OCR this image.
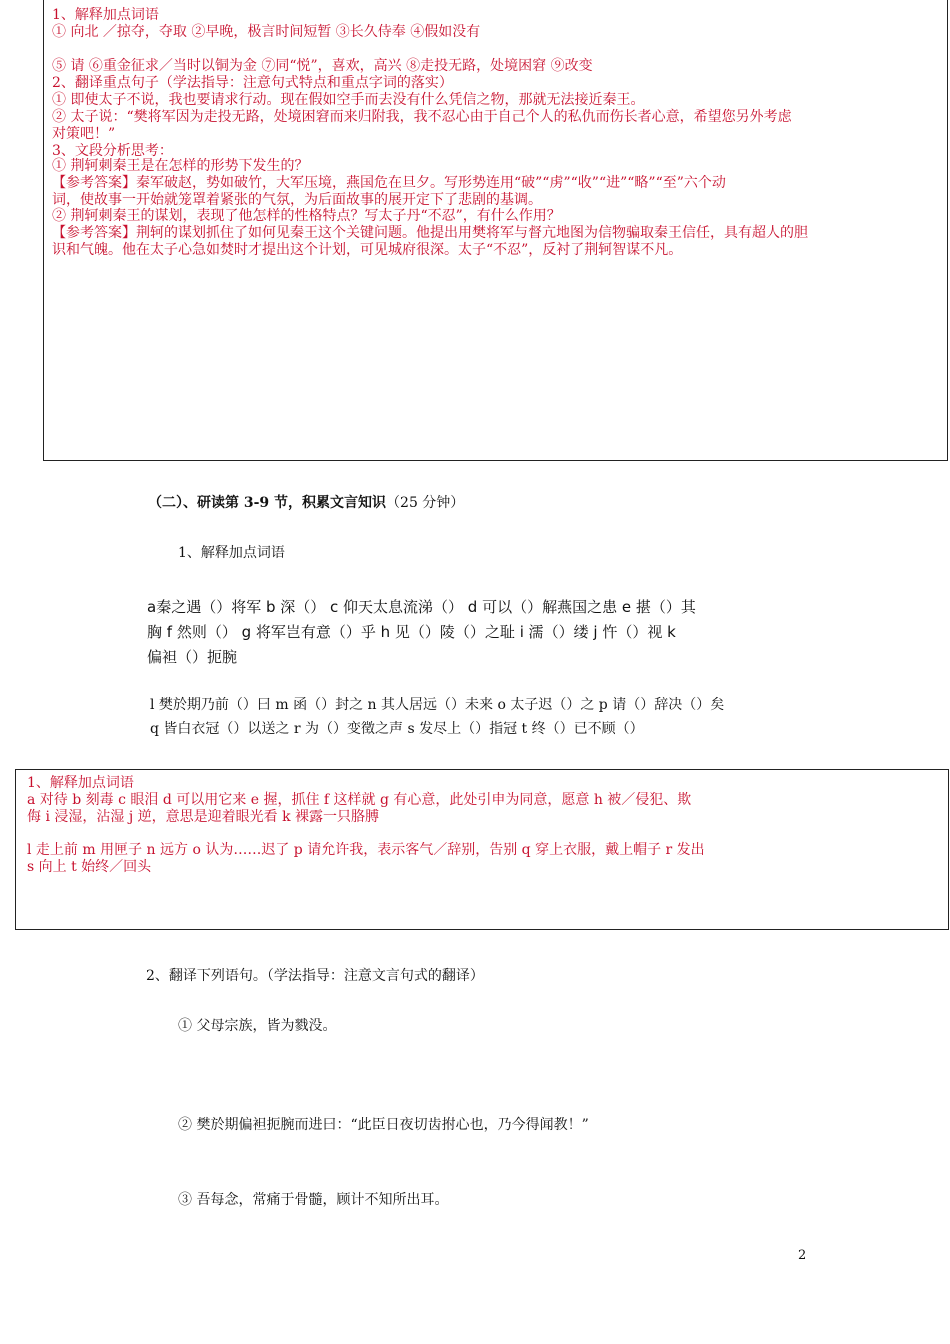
1、解释加点词语
① 向北 ／掠夺，夺取 ②早晚，极言时间短暂 ③长久侍奉 ④假如没有
⑤ 请 ⑥重金征求／当时以铜为金 ⑦同“悦”，喜欢，高兴 ⑧走投无路，处境困窘 ⑨改变
2、翻译重点句子（学法指导：注意句式特点和重点字词的落实）
① 即使太子不说，我也要请求行动。现在假如空手而去没有什么凭信之物，那就无法接近秦王。
② 太子说：“樊将军因为走投无路，处境困窘而来归附我，我不忍心由于自己个人的私仇而伤长者心意，希望您另外考虑
对策吧！”
3、文段分析思考：
① 荆轲刺秦王是在怎样的形势下发生的？
【参考答案】秦军破赵，势如破竹，大军压境，燕国危在旦夕。写形势连用“破”“虏”“收”“进”“略”“至”六个动
词，使故事一开始就笼罩着紧张的气氛，为后面故事的展开定下了悲剧的基调。
② 荆轲刺秦王的谋划，表现了他怎样的性格特点？写太子丹“不忍”，有什么作用？
【参考答案】荆轲的谋划抓住了如何见秦王这个关键问题。他提出用樊将军与督亢地图为信物骗取秦王信任，具有超人的胆
识和气魄。他在太子心急如焚时才提出这个计划，可见城府很深。太子“不忍”，反衬了荆轲智谋不凡。
（二）、研读第 3-9 节，积累文言知识（25 分钟）
1、解释加点词语
a秦之遇（）将军 b 深（） c 仰天太息流涕（） d 可以（）解燕国之患 e 揕（）其
胸 f 然则（） g 将军岂有意（）乎 h 见（）陵（）之耻 i 濡（）缕 j 忤（）视 k
偏袒（）扼腕
l 樊於期乃前（）曰 m 函（）封之 n 其人居远（）未来 o 太子迟（）之 p 请（）辞决（）矣
q 皆白衣冠（）以送之 r 为（）变徵之声 s 发尽上（）指冠 t 终（）已不顾（）
1、解释加点词语
a 对待 b 刻毒 c 眼泪 d 可以用它来 e 握，抓住 f 这样就 g 有心意，此处引申为同意，愿意 h 被／侵犯、欺
侮 i 浸湿，沾湿 j 逆，意思是迎着眼光看 k 裸露一只胳膊
l 走上前 m 用匣子 n 远方 o 认为……迟了 p 请允许我，表示客气／辞别，告别 q 穿上衣服，戴上帽子 r 发出
s 向上 t 始终／回头
2、翻译下列语句。（学法指导：注意文言句式的翻译）
① 父母宗族，皆为戮没。
② 樊於期偏袒扼腕而进曰：“此臣日夜切齿拊心也，乃今得闻教！”
③ 吾每念，常痛于骨髓，顾计不知所出耳。
2
